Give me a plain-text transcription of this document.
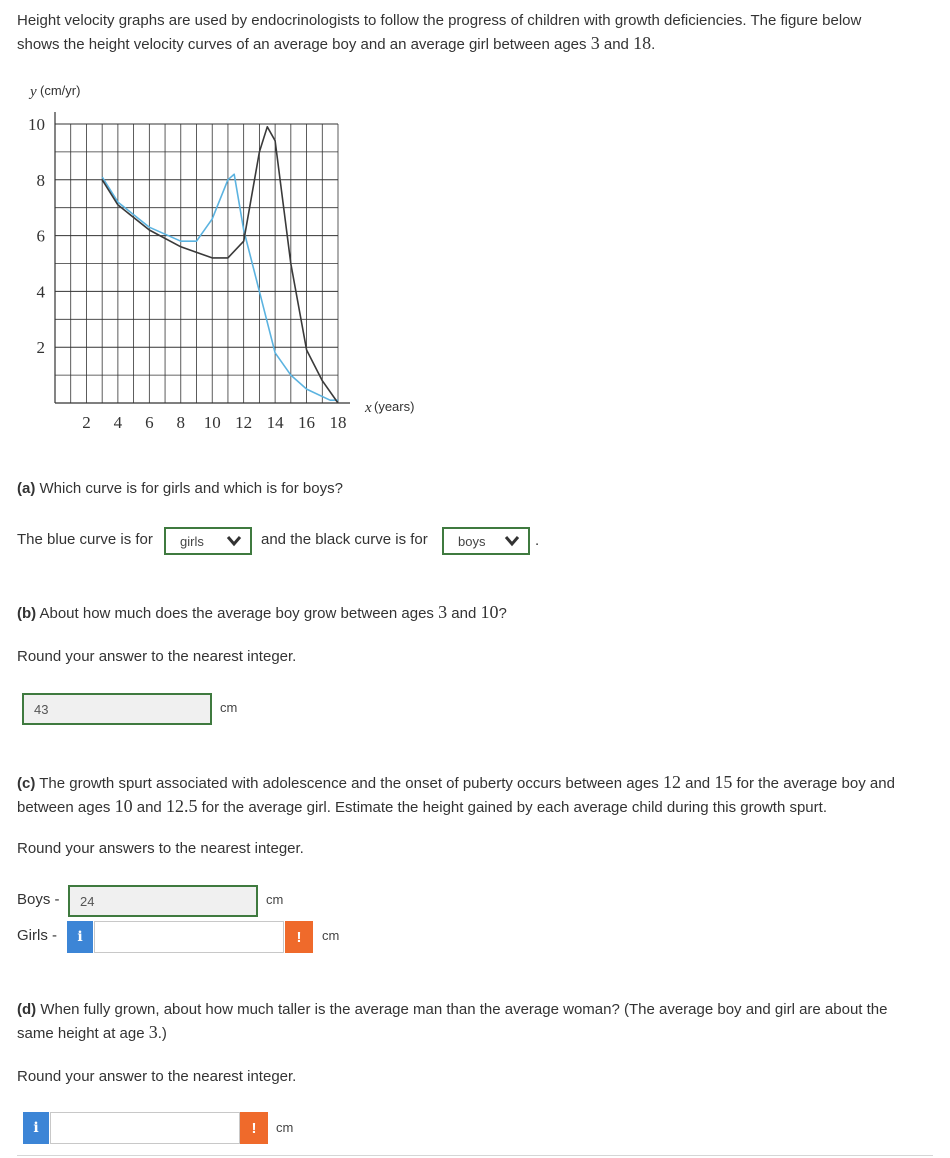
Height velocity graphs are used by endocrinologists to follow the progress of children with growth deficiencies. The figure below
shows the height velocity curves of an average boy and an average girl between ages 3 and 18.
y (cm/yr)
x (years)
2 4 6 8 10 12 14 16 18
2
4
6
8
10
(a) Which curve is for girls and which is for boys?
The blue curve is for girls	and the black curve is for boys	.
(b) About how much does the average boy grow between ages 3 and 10?
Round your answer to the nearest integer.
43	cm
(c) The growth spurt associated with adolescence and the onset of puberty occurs between ages 12 and 15 for the average boy and
between ages 10 and 12.5 for the average girl. Estimate the height gained by each average child during this growth spurt.
Round your answers to the nearest integer.
Boys -	24	cm
Girls -	i	!	cm
(d) When fully grown, about how much taller is the average man than the average woman? (The average boy and girl are about the
same height at age 3.)
Round your answer to the nearest integer.
i	!	cm
